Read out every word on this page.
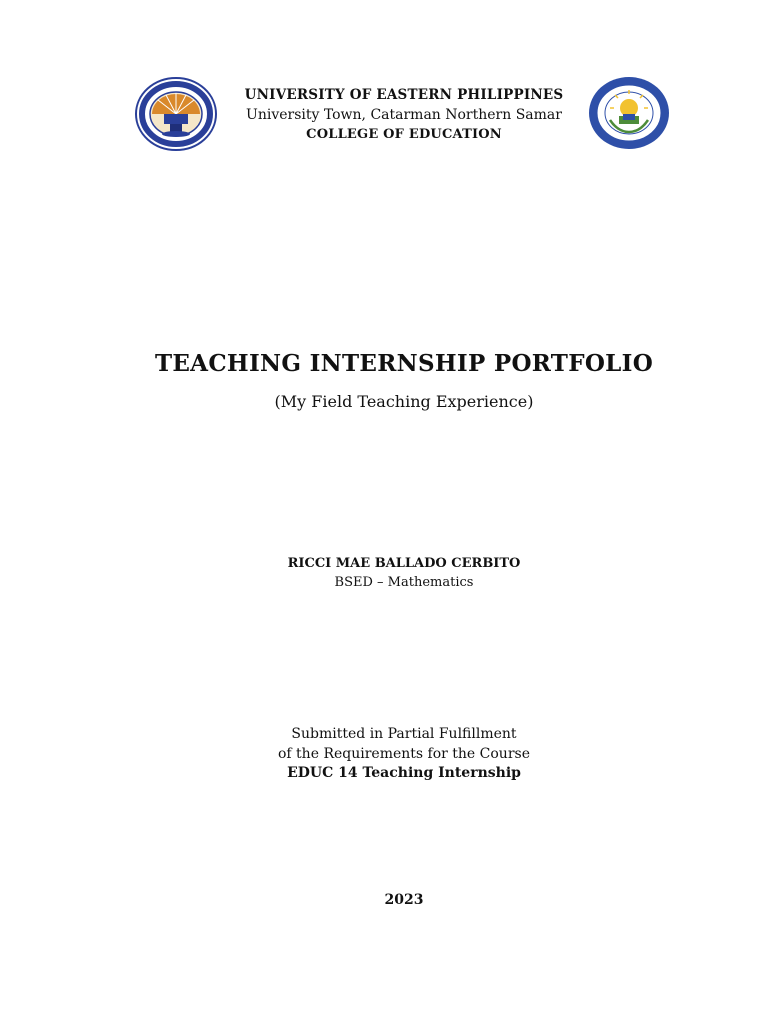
UNIVERSITY OF EASTERN PHILIPPINES
University Town, Catarman Northern Samar
COLLEGE OF EDUCATION
TEACHING INTERNSHIP PORTFOLIO
(My Field Teaching Experience)
RICCI MAE BALLADO CERBITO
BSED – Mathematics
Submitted in Partial Fulfillment
of the Requirements for the Course
EDUC 14 Teaching Internship
2023
